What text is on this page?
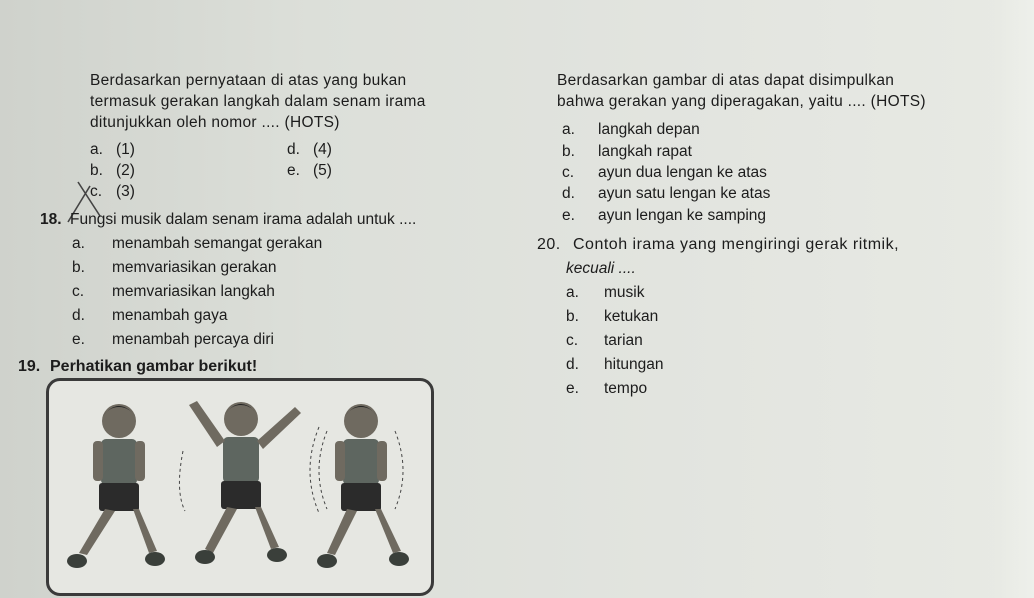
Berdasarkan pernyataan di atas yang bukan
termasuk gerakan langkah dalam senam irama
ditunjukkan oleh nomor .... (HOTS)
a. (1)
b. (2)
c. (3)
d. (4)
e. (5)
18. Fungsi musik dalam senam irama adalah untuk ....
a. menambah semangat gerakan
b. memvariasikan gerakan
c. memvariasikan langkah
d. menambah gaya
e. menambah percaya diri
19. Perhatikan gambar berikut!
Berdasarkan gambar di atas dapat disimpulkan
bahwa gerakan yang diperagakan, yaitu .... (HOTS)
a. langkah depan
b. langkah rapat
c. ayun dua lengan ke atas
d. ayun satu lengan ke atas
e. ayun lengan ke samping
20. Contoh irama yang mengiringi gerak ritmik,
kecuali ....
a. musik
b. ketukan
c. tarian
d. hitungan
e. tempo
